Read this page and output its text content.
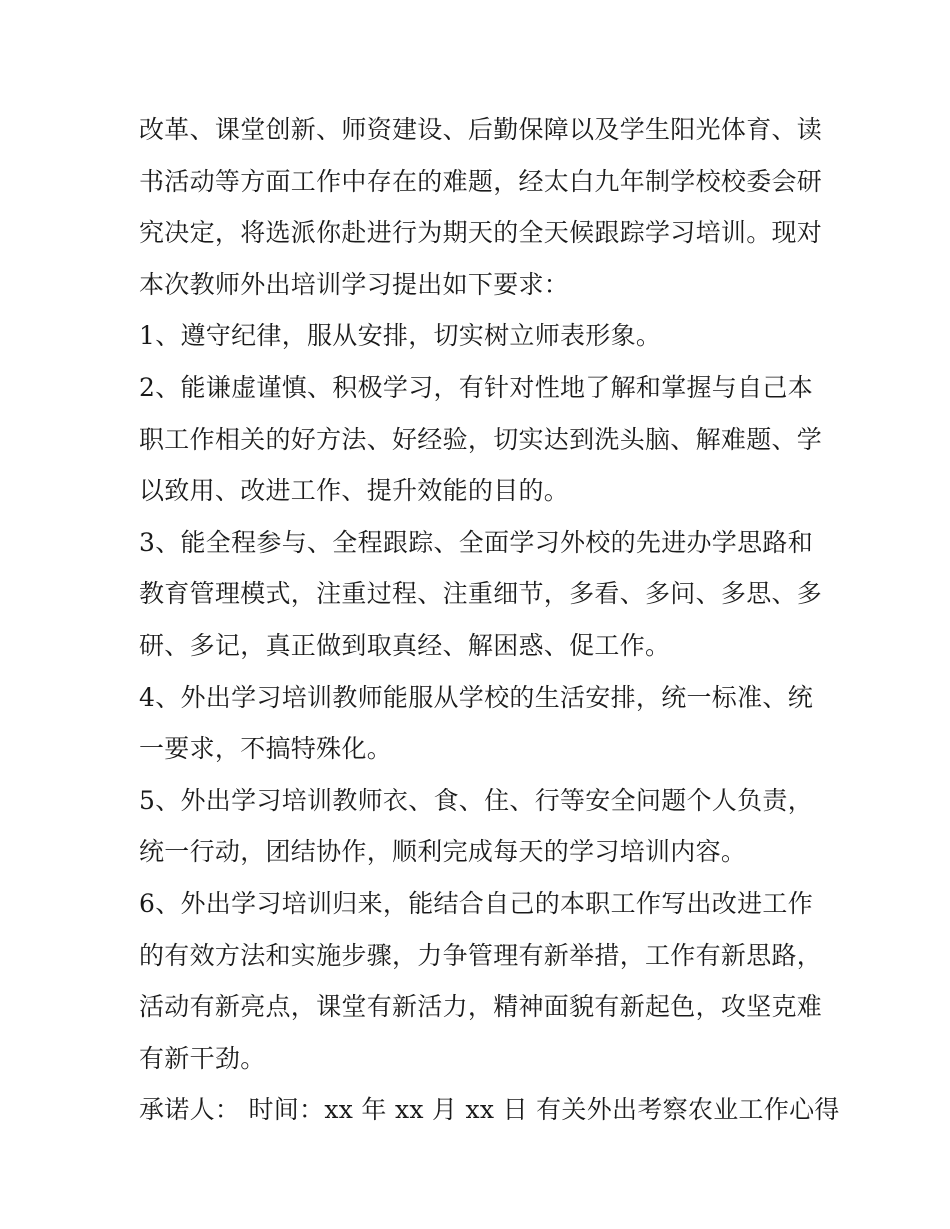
改革、课堂创新、师资建设、后勤保障以及学生阳光体育、读
书活动等方面工作中存在的难题，经太白九年制学校校委会研
究决定，将选派你赴进行为期天的全天候跟踪学习培训。现对
本次教师外出培训学习提出如下要求：
1、遵守纪律，服从安排，切实树立师表形象。
2、能谦虚谨慎、积极学习，有针对性地了解和掌握与自己本
职工作相关的好方法、好经验，切实达到洗头脑、解难题、学
以致用、改进工作、提升效能的目的。
3、能全程参与、全程跟踪、全面学习外校的先进办学思路和
教育管理模式，注重过程、注重细节，多看、多问、多思、多
研、多记，真正做到取真经、解困惑、促工作。
4、外出学习培训教师能服从学校的生活安排，统一标准、统
一要求，不搞特殊化。
5、外出学习培训教师衣、食、住、行等安全问题个人负责，
统一行动，团结协作，顺利完成每天的学习培训内容。
6、外出学习培训归来，能结合自己的本职工作写出改进工作
的有效方法和实施步骤，力争管理有新举措，工作有新思路，
活动有新亮点，课堂有新活力，精神面貌有新起色，攻坚克难
有新干劲。
承诺人： 时间：xx 年 xx 月 xx 日 有关外出考察农业工作心得
